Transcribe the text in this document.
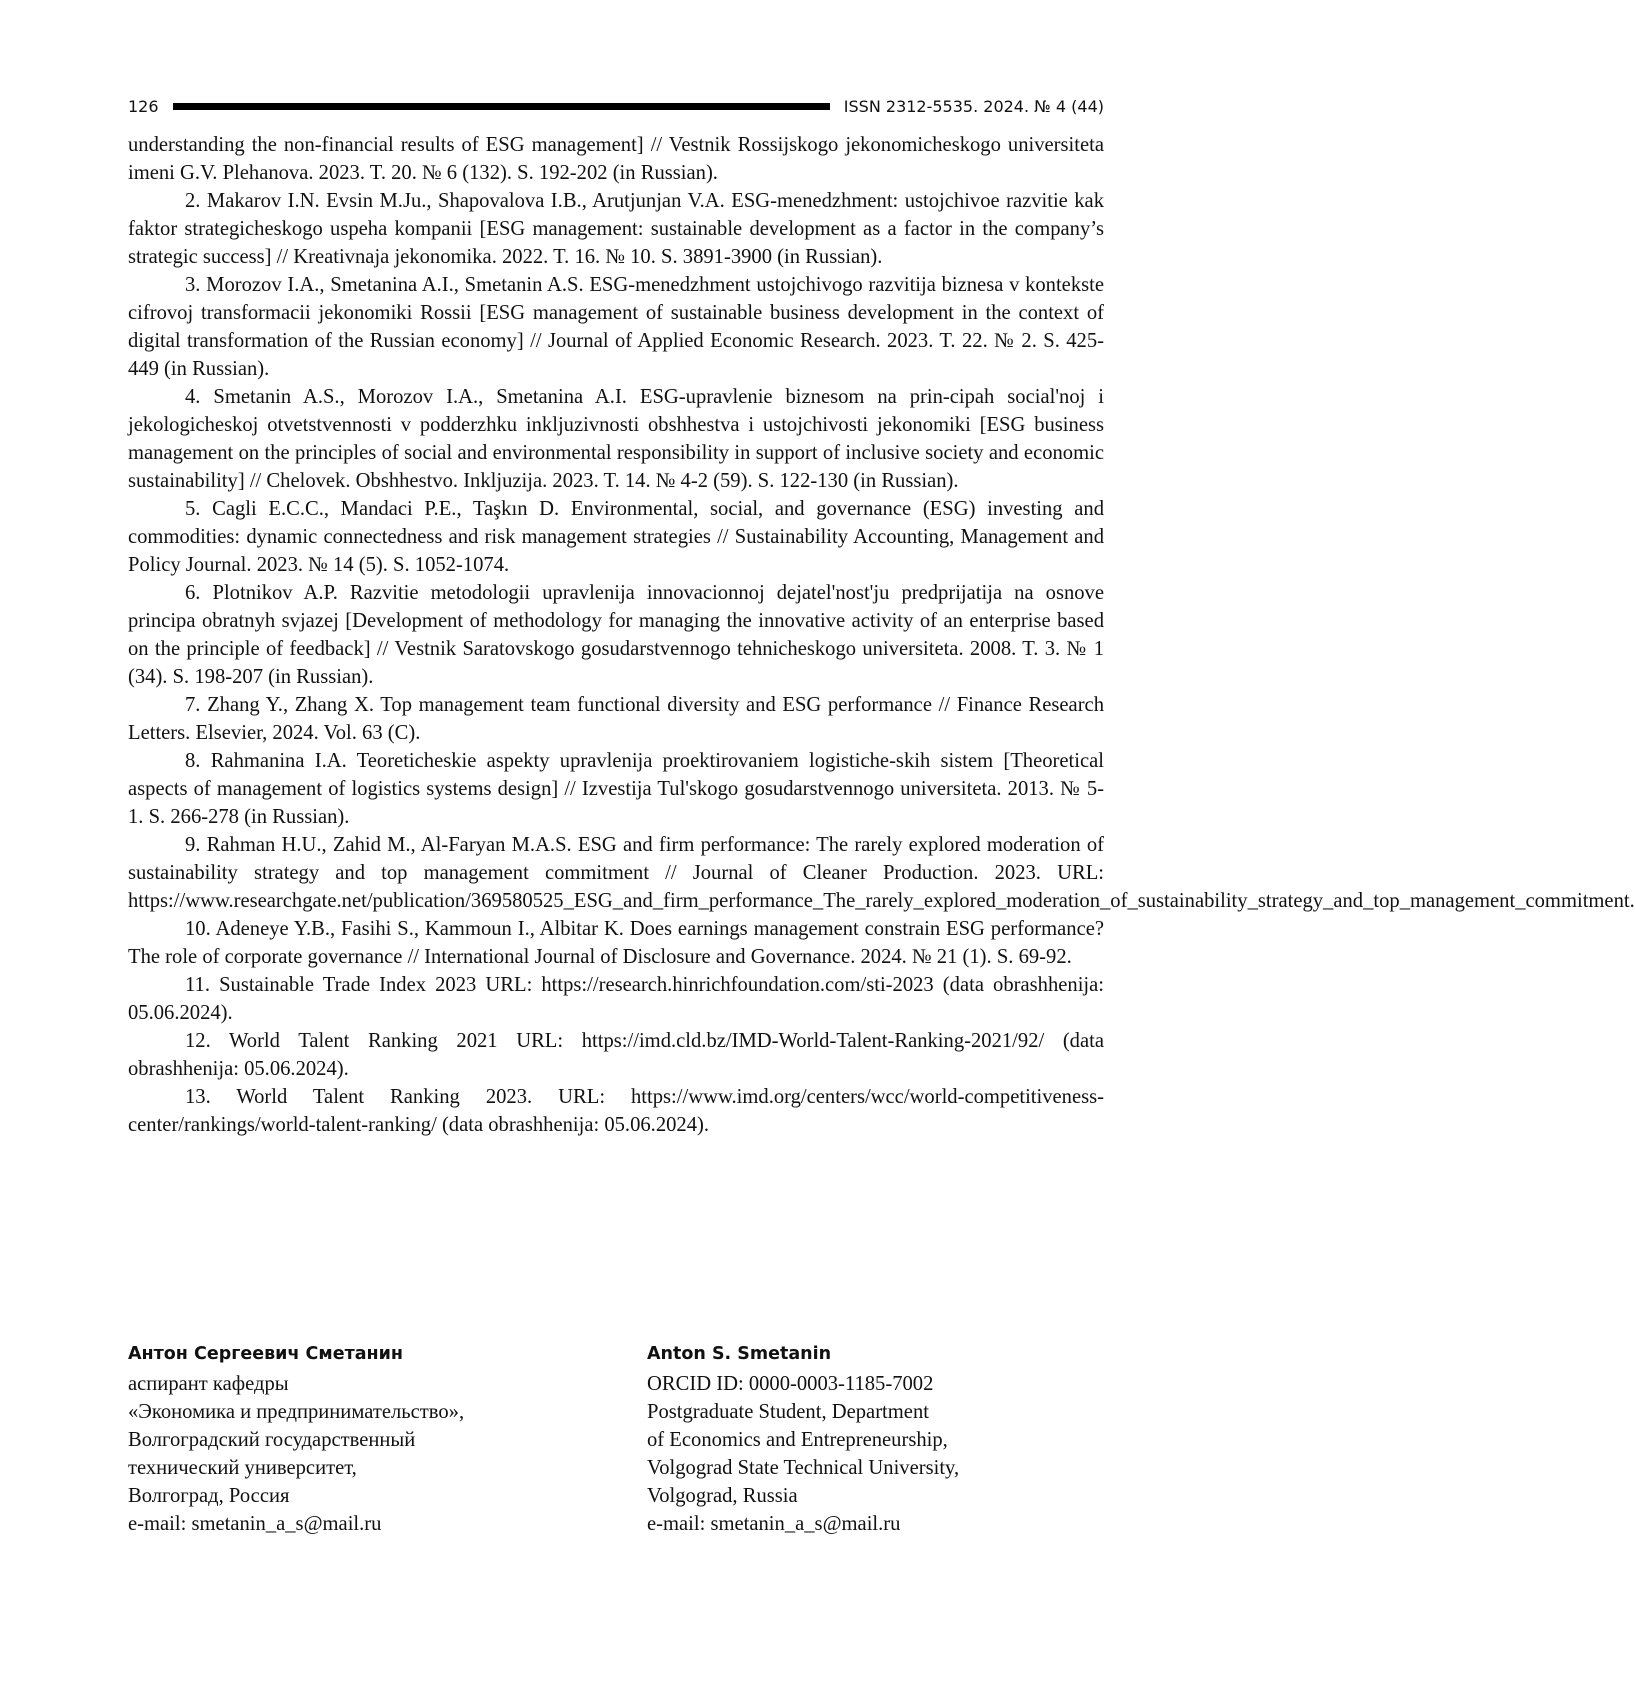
126	ISSN 2312-5535. 2024. № 4 (44)

understanding the non-financial results of ESG management] // Vestnik Rossijskogo jekonomicheskogo universiteta imeni G.V. Plehanova. 2023. T. 20. № 6 (132). S. 192-202 (in Russian).

2. Makarov I.N. Evsin M.Ju., Shapovalova I.B., Arutjunjan V.A. ESG-menedzhment: ustojchivoe razvitie kak faktor strategicheskogo uspeha kompanii [ESG management: sustainable development as a factor in the company’s strategic success] // Kreativnaja jekonomika. 2022. T. 16. № 10. S. 3891-3900 (in Russian).

3. Morozov I.A., Smetanina A.I., Smetanin A.S. ESG-menedzhment ustojchivogo razvitija biznesa v kontekste cifrovoj transformacii jekonomiki Rossii [ESG management of sustainable business development in the context of digital transformation of the Russian economy] // Journal of Applied Economic Research. 2023. T. 22. № 2. S. 425-449 (in Russian).

4. Smetanin A.S., Morozov I.A., Smetanina A.I. ESG-upravlenie biznesom na prin-cipah social'noj i jekologicheskoj otvetstvennosti v podderzhku inkljuzivnosti obshhestva i ustojchivosti jekonomiki [ESG business management on the principles of social and environmental responsibility in support of inclusive society and economic sustainability] // Chelovek. Obshhestvo. Inkljuzija. 2023. T. 14. № 4-2 (59). S. 122-130 (in Russian).

5. Cagli E.C.C., Mandaci P.E., Taşkın D. Environmental, social, and governance (ESG) investing and commodities: dynamic connectedness and risk management strategies // Sustainability Accounting, Management and Policy Journal. 2023. № 14 (5). S. 1052-1074.

6. Plotnikov A.P. Razvitie metodologii upravlenija innovacionnoj dejatel'nost'ju predprijatija na osnove principa obratnyh svjazej [Development of methodology for managing the innovative activity of an enterprise based on the principle of feedback] // Vestnik Saratovskogo gosudarstvennogo tehnicheskogo universiteta. 2008. T. 3. № 1 (34). S. 198-207 (in Russian).

7. Zhang Y., Zhang X. Top management team functional diversity and ESG performance // Finance Research Letters. Elsevier, 2024. Vol. 63 (C).

8. Rahmanina I.A. Teoreticheskie aspekty upravlenija proektirovaniem logistiche-skih sistem [Theoretical aspects of management of logistics systems design] // Izvestija Tul'skogo gosudarstvennogo universiteta. 2013. № 5-1. S. 266-278 (in Russian).

9. Rahman H.U., Zahid M., Al-Faryan M.A.S. ESG and firm performance: The rarely explored moderation of sustainability strategy and top management commitment // Journal of Cleaner Production. 2023. URL: https://www.researchgate.net/publication/369580525_ESG_and_firm_performance_The_rarely_explored_moderation_of_sustainability_strategy_and_top_management_commitment.

10. Adeneye Y.B., Fasihi S., Kammoun I., Albitar K. Does earnings management constrain ESG performance? The role of corporate governance // International Journal of Disclosure and Governance. 2024. № 21 (1). S. 69-92.

11. Sustainable Trade Index 2023 URL: https://research.hinrichfoundation.com/sti-2023 (data obrashhenija: 05.06.2024).

12. World Talent Ranking 2021 URL: https://imd.cld.bz/IMD-World-Talent-Ranking-2021/92/ (data obrashhenija: 05.06.2024).

13. World Talent Ranking 2023. URL: https://www.imd.org/centers/wcc/world-competitiveness-center/rankings/world-talent-ranking/ (data obrashhenija: 05.06.2024).

Антон Сергеевич Сметанин
аспирант кафедры
«Экономика и предпринимательство»,
Волгоградский государственный
технический университет,
Волгоград, Россия
e-mail: smetanin_a_s@mail.ru
Anton S. Smetanin
ORCID ID: 0000-0003-1185-7002
Postgraduate Student, Department
of Economics and Entrepreneurship,
Volgograd State Technical University,
Volgograd, Russia
e-mail: smetanin_a_s@mail.ru
